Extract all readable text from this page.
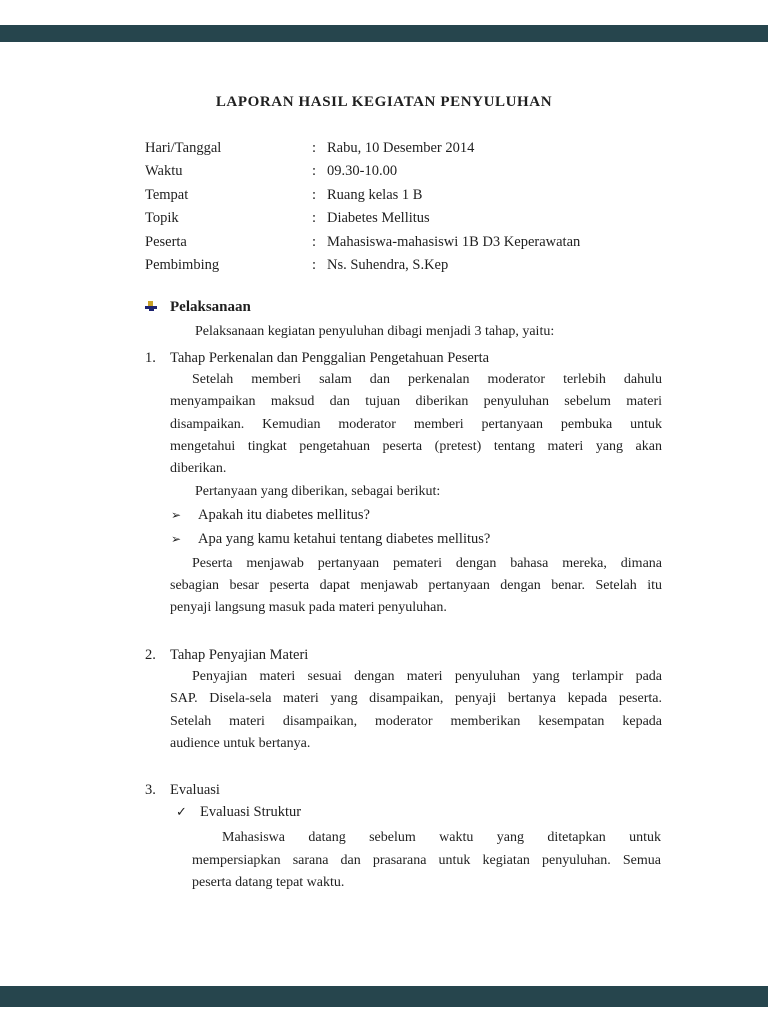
LAPORAN HASIL KEGIATAN PENYULUHAN
Hari/Tanggal	: Rabu, 10 Desember 2014
Waktu	: 09.30-10.00
Tempat	: Ruang kelas 1 B
Topik	: Diabetes Mellitus
Peserta	: Mahasiswa-mahasiswi 1B D3 Keperawatan
Pembimbing	: Ns. Suhendra, S.Kep
Pelaksanaan
Pelaksanaan kegiatan penyuluhan dibagi menjadi 3 tahap, yaitu:
1. Tahap Perkenalan dan Penggalian Pengetahuan Peserta
Setelah memberi salam dan perkenalan moderator terlebih dahulu
menyampaikan maksud dan tujuan diberikan penyuluhan sebelum materi
disampaikan. Kemudian moderator memberi pertanyaan pembuka untuk
mengetahui tingkat pengetahuan peserta (pretest) tentang materi yang akan
diberikan.
Pertanyaan yang diberikan, sebagai berikut:
➢	Apakah itu diabetes mellitus?
➢	Apa yang kamu ketahui tentang diabetes mellitus?
Peserta menjawab pertanyaan pemateri dengan bahasa mereka, dimana
sebagian besar peserta dapat menjawab pertanyaan dengan benar. Setelah itu
penyaji langsung masuk pada materi penyuluhan.
2. Tahap Penyajian Materi
Penyajian materi sesuai dengan materi penyuluhan yang terlampir pada
SAP. Disela-sela materi yang disampaikan, penyaji bertanya kepada peserta.
Setelah materi disampaikan, moderator memberikan kesempatan kepada
audience untuk bertanya.
3. Evaluasi
✓ Evaluasi Struktur
Mahasiswa datang sebelum waktu yang ditetapkan untuk
mempersiapkan sarana dan prasarana untuk kegiatan penyuluhan. Semua
peserta datang tepat waktu.
